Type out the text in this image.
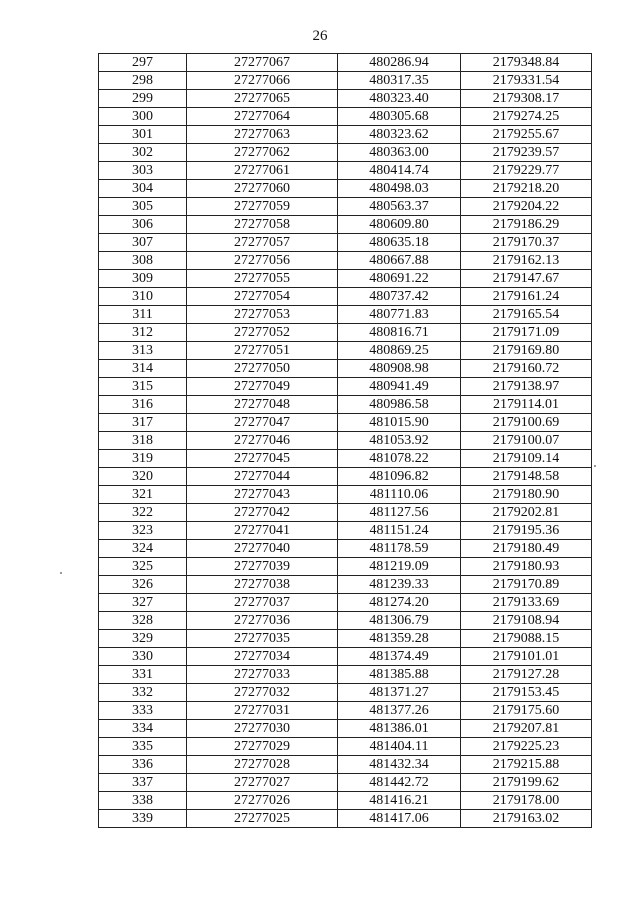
26
297	27277067	480286.94	2179348.84
298	27277066	480317.35	2179331.54
299	27277065	480323.40	2179308.17
300	27277064	480305.68	2179274.25
301	27277063	480323.62	2179255.67
302	27277062	480363.00	2179239.57
303	27277061	480414.74	2179229.77
304	27277060	480498.03	2179218.20
305	27277059	480563.37	2179204.22
306	27277058	480609.80	2179186.29
307	27277057	480635.18	2179170.37
308	27277056	480667.88	2179162.13
309	27277055	480691.22	2179147.67
310	27277054	480737.42	2179161.24
311	27277053	480771.83	2179165.54
312	27277052	480816.71	2179171.09
313	27277051	480869.25	2179169.80
314	27277050	480908.98	2179160.72
315	27277049	480941.49	2179138.97
316	27277048	480986.58	2179114.01
317	27277047	481015.90	2179100.69
318	27277046	481053.92	2179100.07
319	27277045	481078.22	2179109.14
320	27277044	481096.82	2179148.58
321	27277043	481110.06	2179180.90
322	27277042	481127.56	2179202.81
323	27277041	481151.24	2179195.36
324	27277040	481178.59	2179180.49
325	27277039	481219.09	2179180.93
326	27277038	481239.33	2179170.89
327	27277037	481274.20	2179133.69
328	27277036	481306.79	2179108.94
329	27277035	481359.28	2179088.15
330	27277034	481374.49	2179101.01
331	27277033	481385.88	2179127.28
332	27277032	481371.27	2179153.45
333	27277031	481377.26	2179175.60
334	27277030	481386.01	2179207.81
335	27277029	481404.11	2179225.23
336	27277028	481432.34	2179215.88
337	27277027	481442.72	2179199.62
338	27277026	481416.21	2179178.00
339	27277025	481417.06	2179163.02
